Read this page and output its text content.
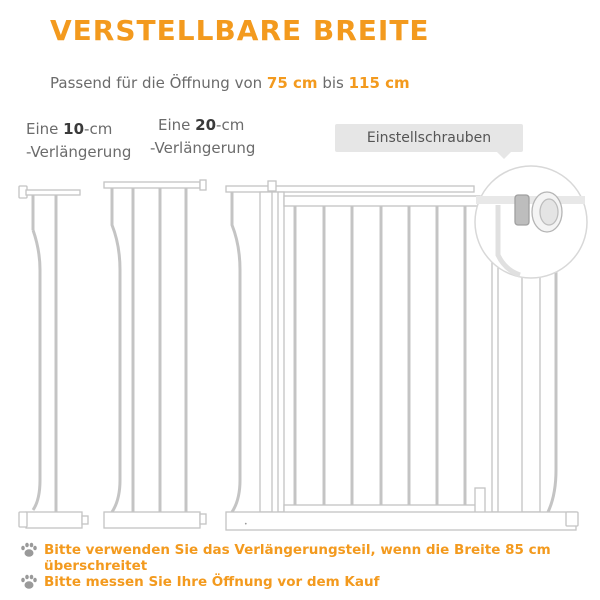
VERSTELLBARE BREITE
Passend für die Öffnung von 75 cm bis 115 cm
Eine 10-cm
-Verlängerung
Eine 20-cm
-Verlängerung
Einstellschrauben
•
Bitte verwenden Sie das Verlängerungsteil, wenn die Breite 85 cm
überschreitet
Bitte messen Sie Ihre Öffnung vor dem Kauf
